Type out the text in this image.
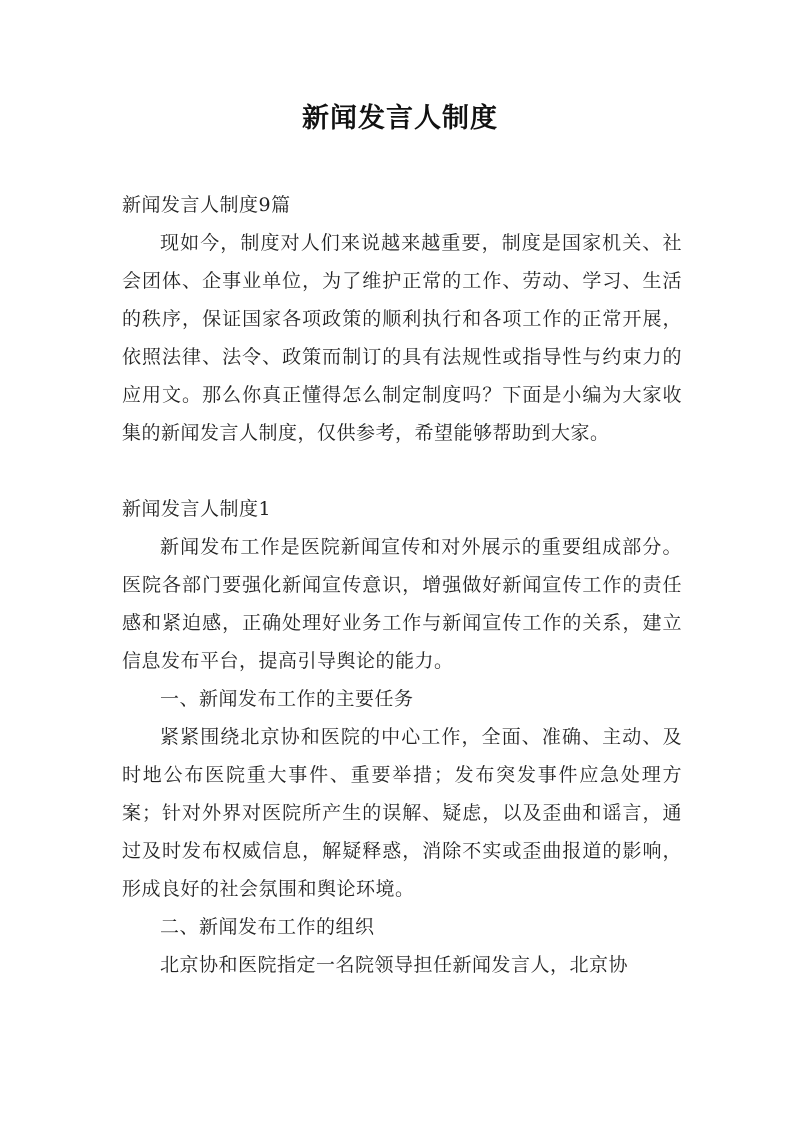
新闻发言人制度

新闻发言人制度9篇

现如今，制度对人们来说越来越重要，制度是国家机关、社会团体、企事业单位，为了维护正常的工作、劳动、学习、生活的秩序，保证国家各项政策的顺利执行和各项工作的正常开展，依照法律、法令、政策而制订的具有法规性或指导性与约束力的应用文。那么你真正懂得怎么制定制度吗？下面是小编为大家收集的新闻发言人制度，仅供参考，希望能够帮助到大家。

新闻发言人制度1

新闻发布工作是医院新闻宣传和对外展示的重要组成部分。医院各部门要强化新闻宣传意识，增强做好新闻宣传工作的责任感和紧迫感，正确处理好业务工作与新闻宣传工作的关系，建立信息发布平台，提高引导舆论的能力。

一、新闻发布工作的主要任务

紧紧围绕北京协和医院的中心工作，全面、准确、主动、及时地公布医院重大事件、重要举措；发布突发事件应急处理方案；针对外界对医院所产生的误解、疑虑，以及歪曲和谣言，通过及时发布权威信息，解疑释惑，消除不实或歪曲报道的影响，形成良好的社会氛围和舆论环境。

二、新闻发布工作的组织

北京协和医院指定一名院领导担任新闻发言人，北京协
